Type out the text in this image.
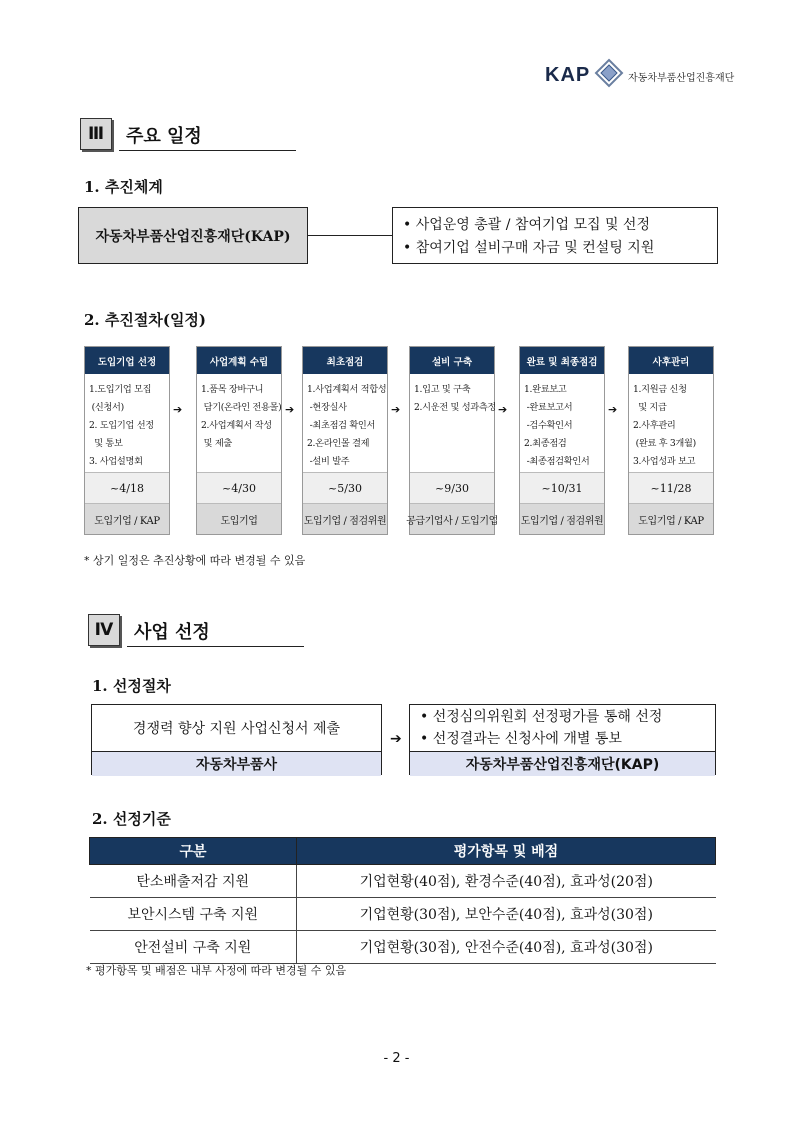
KAP	자동차부품산업진흥재단
Ⅲ	주요 일정
1. 추진체계
자동차부품산업진흥재단(KAP)
• 사업운영 총괄 / 참여기업 모집 및 선정
• 참여기업 설비구매 자금 및 컨설팅 지원
2. 추진절차(일정)
도입기업 선정
1.도입기업 모집
(신청서)
2. 도입기업 선정
및 통보
3. 사업설명회
~4/18
도입기업 / KAP
➔
사업계획 수립
1.품목 장바구니
담기(온라인 전용몰)
2.사업계획서 작성
및 제출
~4/30
도입기업
➔
최초점검
1.사업계획서 적합성
-현장실사
-최초점검 확인서
2.온라인몰 결제
-설비 발주
~5/30
도입기업 / 점검위원
➔
설비 구축
1.입고 및 구축
2.시운전 및 성과측정
~9/30
공급기업사 / 도입기업
➔
완료 및 최종점검
1.완료보고
-완료보고서
-검수확인서
2.최종점검
-최종점검확인서
~10/31
도입기업 / 점검위원
➔
사후관리
1.지원금 신청
및 지급
2.사후관리
(완료 후 3개월)
3.사업성과 보고
~11/28
도입기업 / KAP
* 상기 일정은 추진상황에 따라 변경될 수 있음
Ⅳ	사업 선정
1. 선정절차
경쟁력 향상 지원 사업신청서 제출
자동차부품사
➔
• 선정심의위원회 선정평가를 통해 선정
• 선정결과는 신청사에 개별 통보
자동차부품산업진흥재단(KAP)
2. 선정기준
구분	평가항목 및 배점
탄소배출저감 지원	기업현황(40점), 환경수준(40점), 효과성(20점)
보안시스템 구축 지원	기업현황(30점), 보안수준(40점), 효과성(30점)
안전설비 구축 지원	기업현황(30점), 안전수준(40점), 효과성(30점)
* 평가항목 및 배점은 내부 사정에 따라 변경될 수 있음
- 2 -
